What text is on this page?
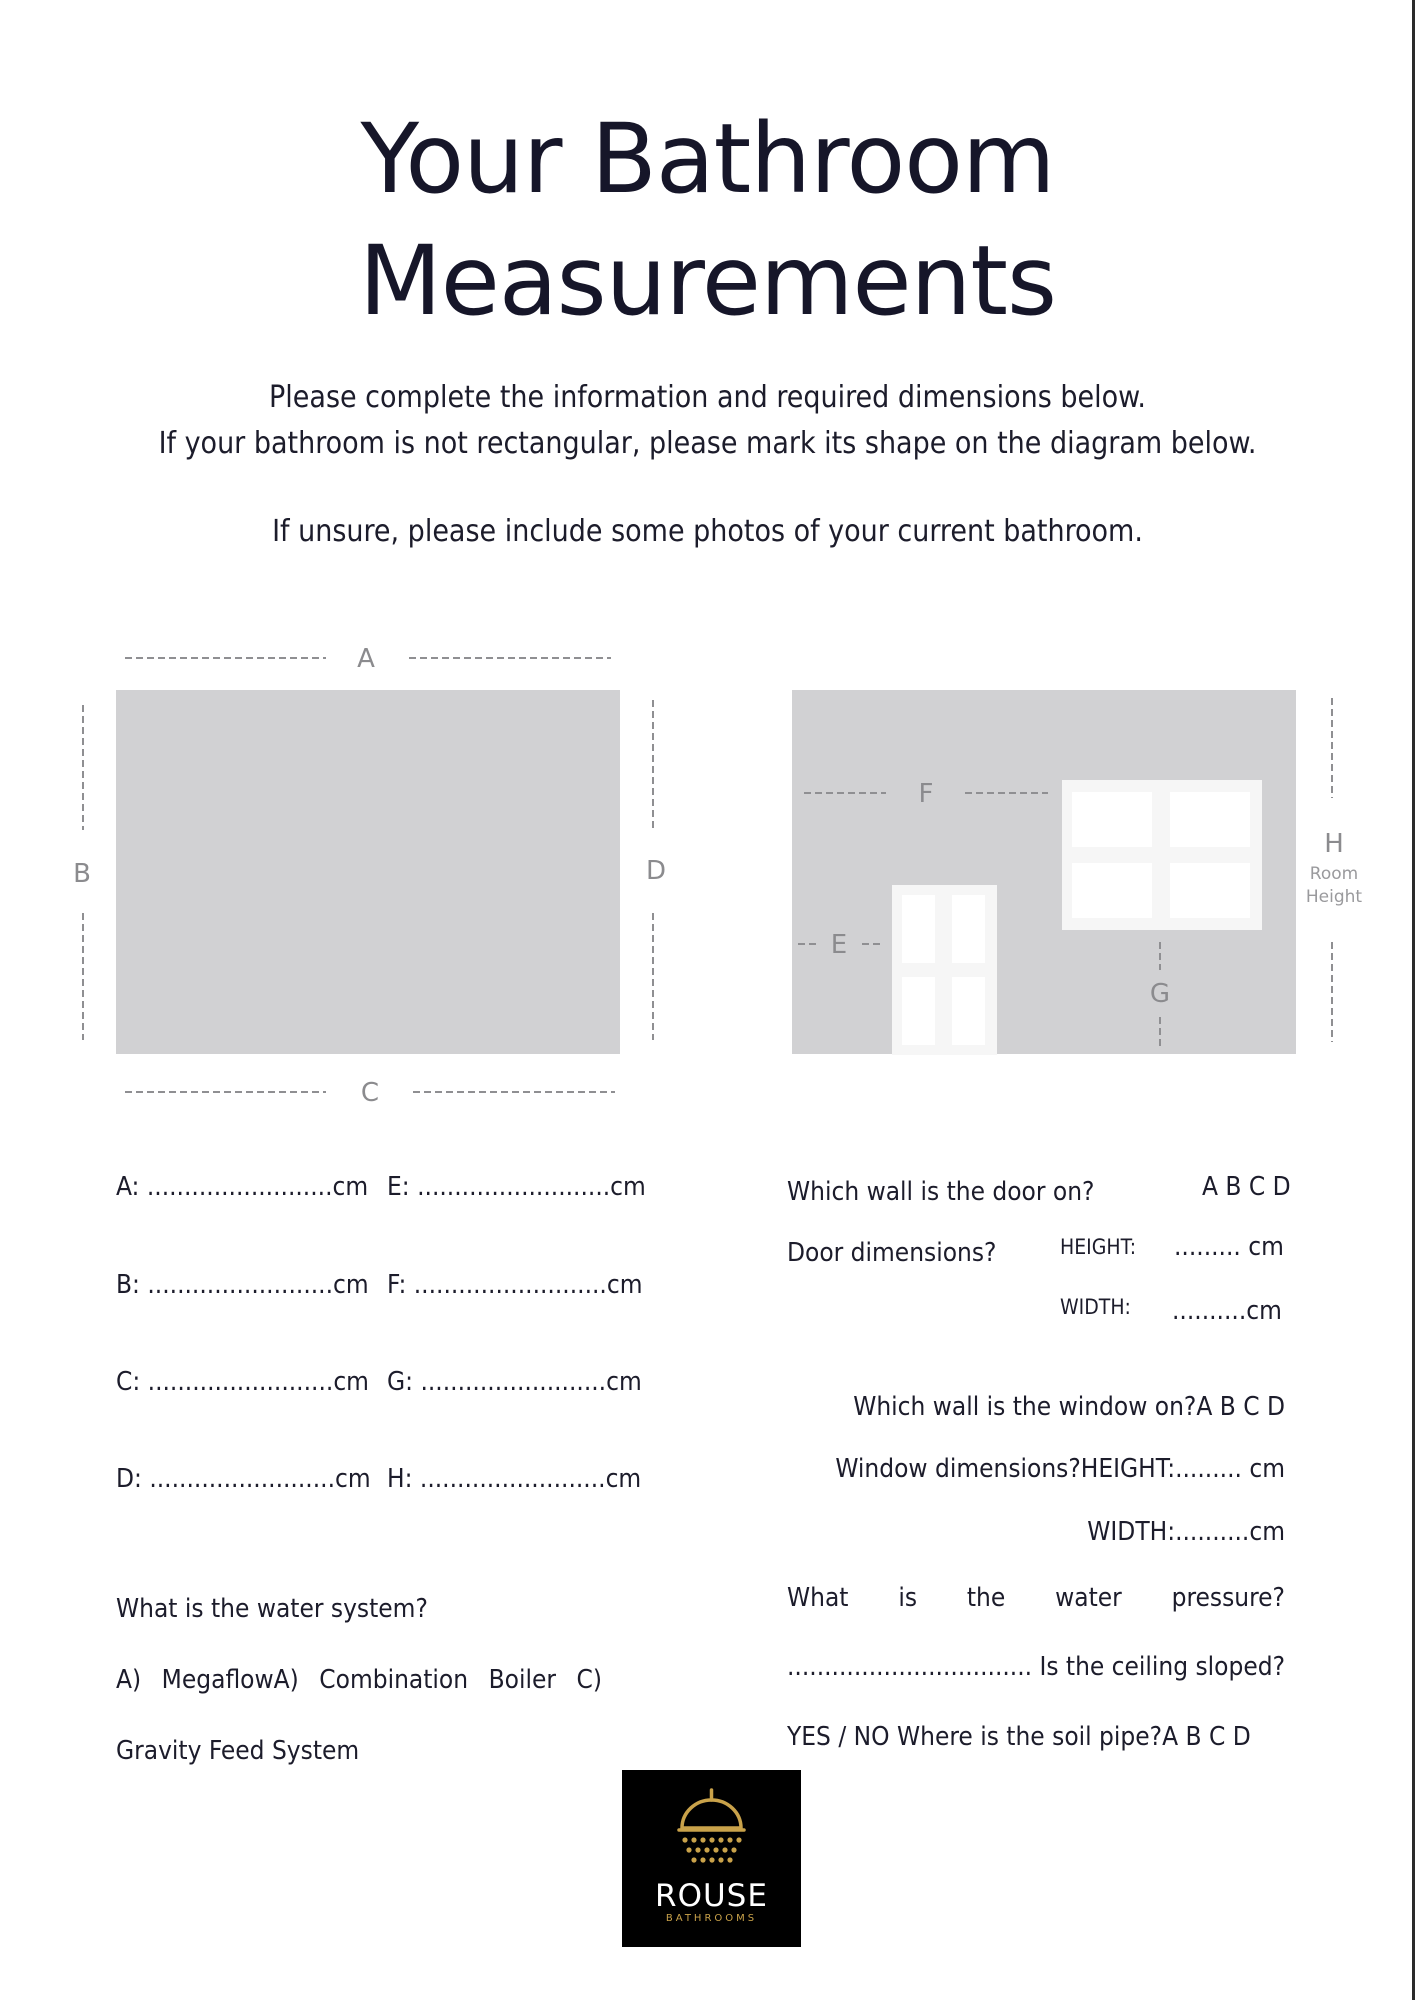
Your Bathroom
Measurements

Please complete the information and required dimensions below.

If your bathroom is not rectangular, please mark its shape on the diagram below.

If unsure, please include some photos of your current bathroom.

A
B	D
C
F
E
G
H
Room
Height
A: .........................cm E: ..........................cm
B: .........................cm F: ..........................cm
C: .........................cm G: .........................cm
D: .........................cm H: .........................cm
What is the water system?
A) MegaflowA) Combination Boiler C)
Gravity Feed System
Which wall is the door on?	A B C D
Door dimensions?	HEIGHT: ......... cm
WIDTH: ..........cm
Which wall is the window on?A B C D
Window dimensions?HEIGHT:......... cm
WIDTH:..........cm
What is the water pressure?
................................. Is the ceiling sloped?
YES / NO Where is the soil pipe?A B C D
ROUSE
BATHROOMS
